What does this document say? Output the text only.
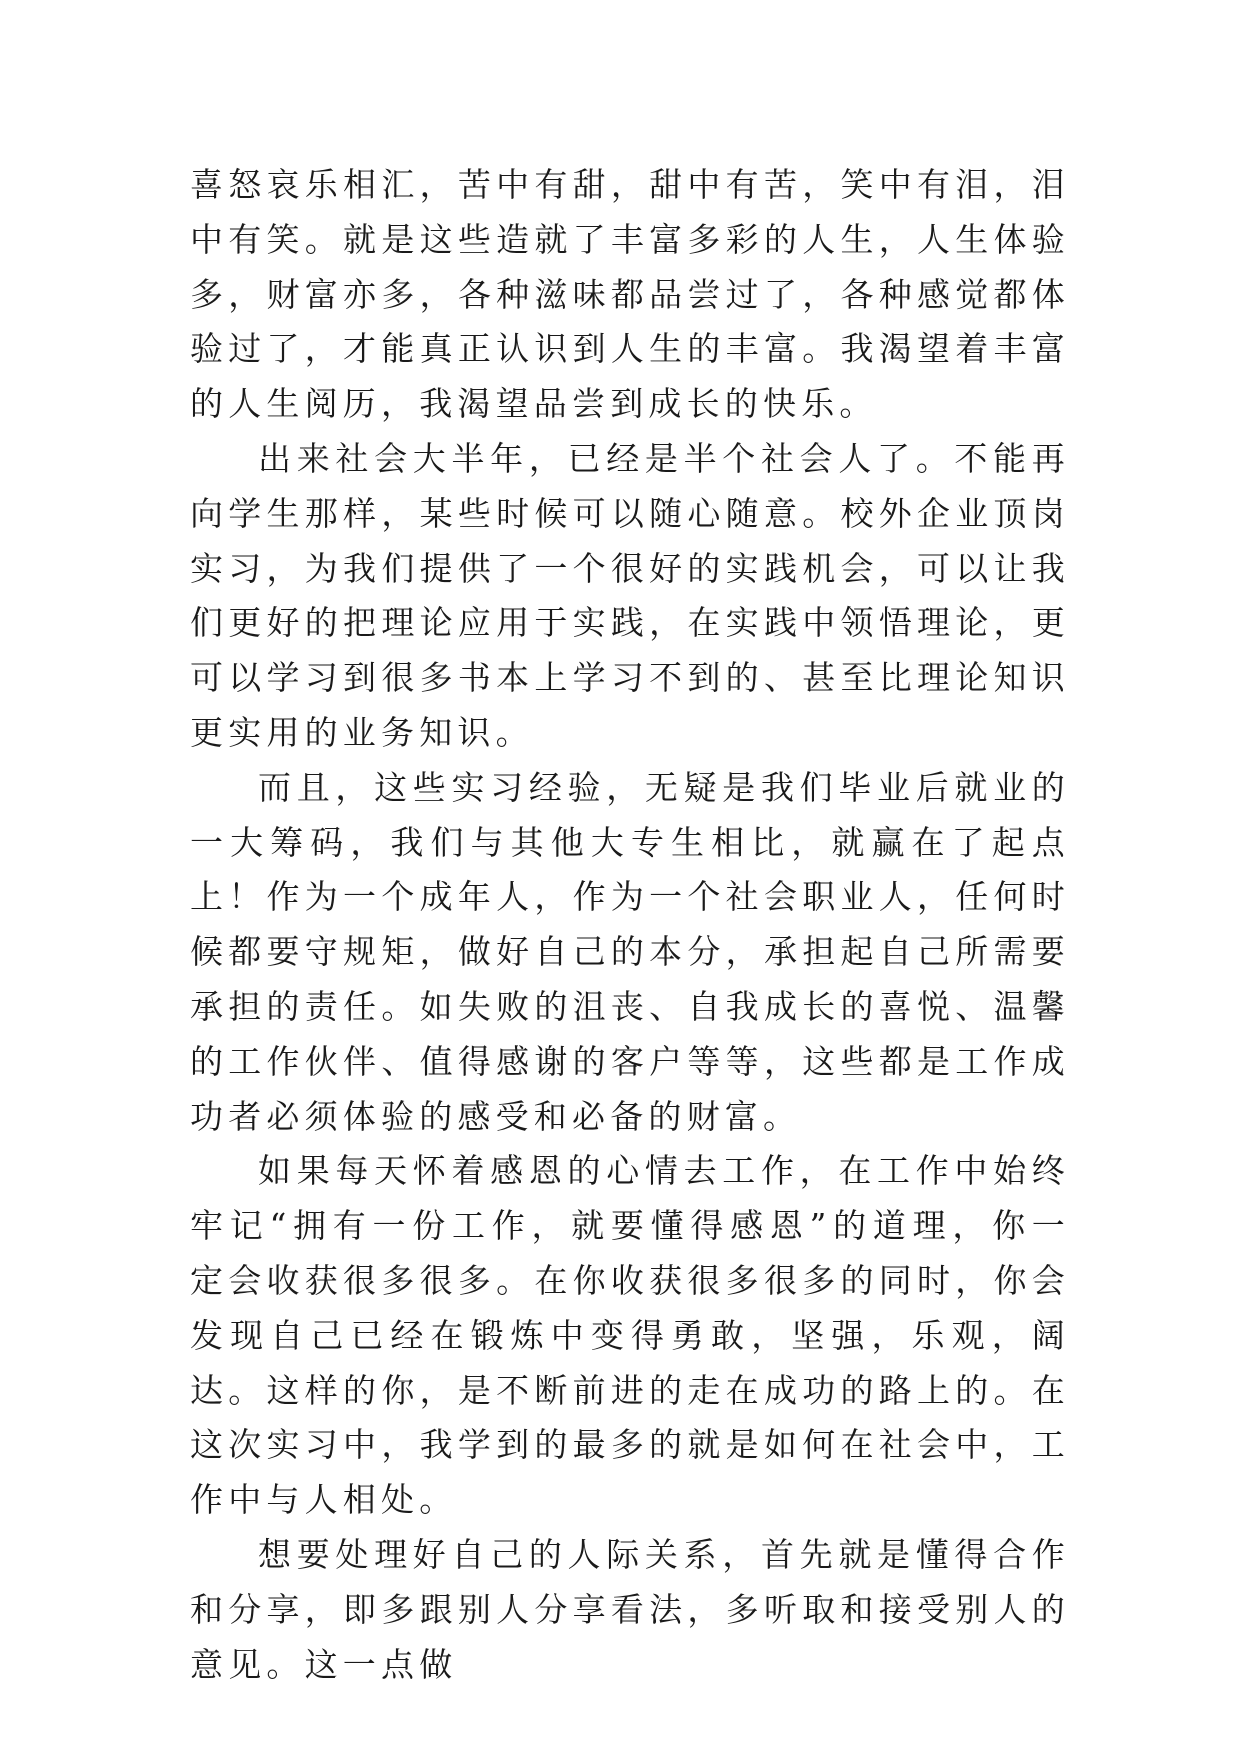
喜怒哀乐相汇，苦中有甜，甜中有苦，笑中有泪，泪中有笑。就是这些造就了丰富多彩的人生，人生体验多，财富亦多，各种滋味都品尝过了，各种感觉都体验过了，才能真正认识到人生的丰富。我渴望着丰富的人生阅历，我渴望品尝到成长的快乐。

出来社会大半年，已经是半个社会人了。不能再向学生那样，某些时候可以随心随意。校外企业顶岗实习，为我们提供了一个很好的实践机会，可以让我们更好的把理论应用于实践，在实践中领悟理论，更可以学习到很多书本上学习不到的、甚至比理论知识更实用的业务知识。

而且，这些实习经验，无疑是我们毕业后就业的一大筹码，我们与其他大专生相比，就赢在了起点上！作为一个成年人，作为一个社会职业人，任何时候都要守规矩，做好自己的本分，承担起自己所需要承担的责任。如失败的沮丧、自我成长的喜悦、温馨的工作伙伴、值得感谢的客户等等，这些都是工作成功者必须体验的感受和必备的财富。

如果每天怀着感恩的心情去工作，在工作中始终牢记“拥有一份工作，就要懂得感恩”的道理，你一定会收获很多很多。在你收获很多很多的同时，你会发现自己已经在锻炼中变得勇敢，坚强，乐观，阔达。这样的你，是不断前进的走在成功的路上的。在这次实习中，我学到的最多的就是如何在社会中，工作中与人相处。

想要处理好自己的人际关系，首先就是懂得合作和分享，即多跟别人分享看法，多听取和接受别人的意见。这一点做
